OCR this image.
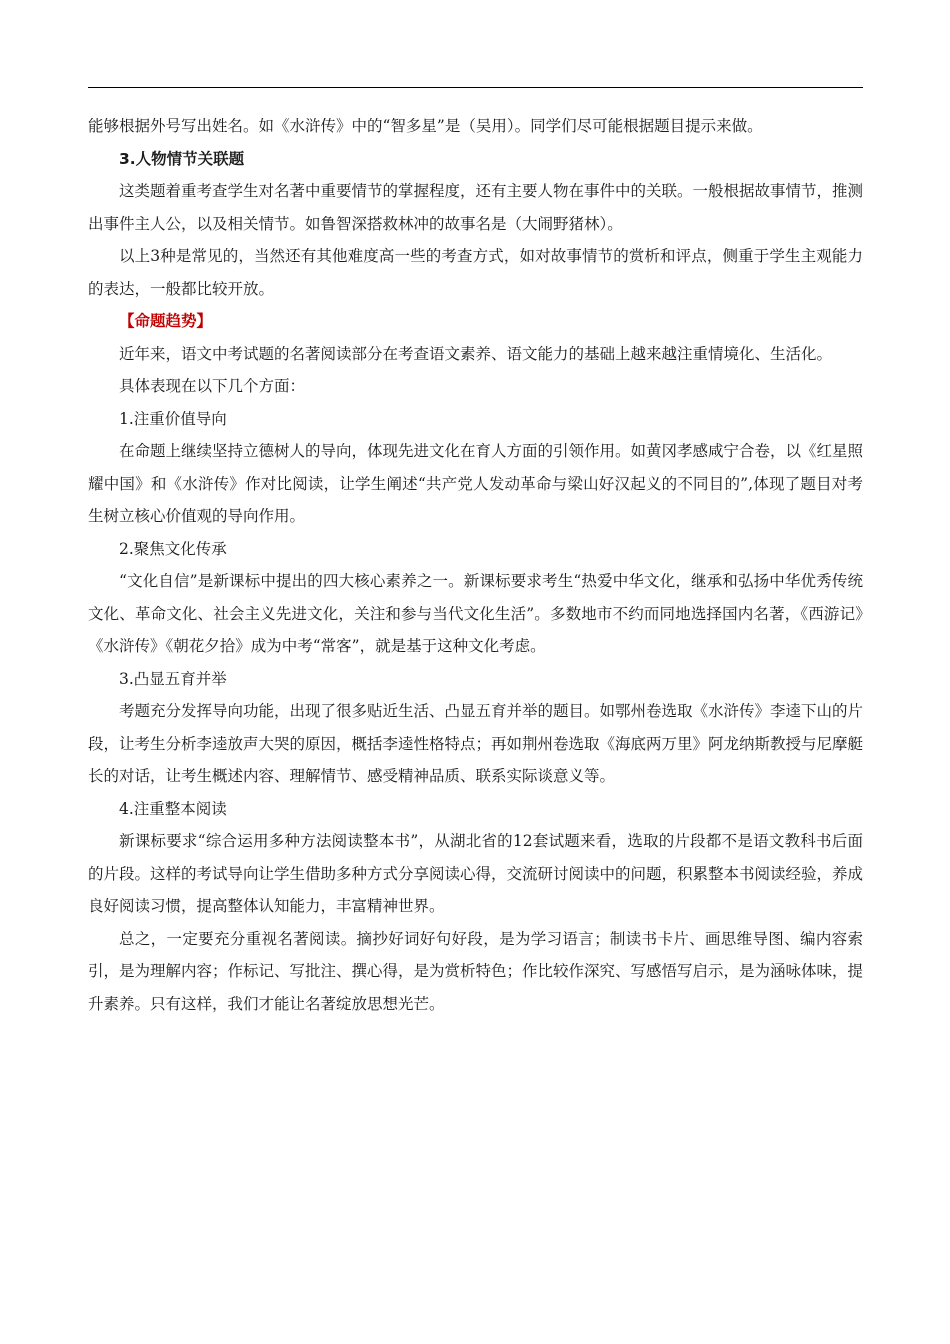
能够根据外号写出姓名。如《水浒传》中的“智多星”是（吴用）。同学们尽可能根据题目提示来做。

3.人物情节关联题

这类题着重考查学生对名著中重要情节的掌握程度，还有主要人物在事件中的关联。一般根据故事情节，推测出事件主人公，以及相关情节。如鲁智深搭救林冲的故事名是（大闹野猪林）。

以上3种是常见的，当然还有其他难度高一些的考查方式，如对故事情节的赏析和评点，侧重于学生主观能力的表达，一般都比较开放。

【命题趋势】

近年来，语文中考试题的名著阅读部分在考查语文素养、语文能力的基础上越来越注重情境化、生活化。

具体表现在以下几个方面：

1.注重价值导向

在命题上继续坚持立德树人的导向，体现先进文化在育人方面的引领作用。如黄冈孝感咸宁合卷，以《红星照耀中国》和《水浒传》作对比阅读，让学生阐述“共产党人发动革命与梁山好汉起义的不同目的”,体现了题目对考生树立核心价值观的导向作用。

2.聚焦文化传承

“文化自信”是新课标中提出的四大核心素养之一。新课标要求考生“热爱中华文化，继承和弘扬中华优秀传统文化、革命文化、社会主义先进文化，关注和参与当代文化生活”。多数地市不约而同地选择国内名著，《西游记》《水浒传》《朝花夕拾》成为中考“常客”，就是基于这种文化考虑。

3.凸显五育并举

考题充分发挥导向功能，出现了很多贴近生活、凸显五育并举的题目。如鄂州卷选取《水浒传》李逵下山的片段，让考生分析李逵放声大哭的原因，概括李逵性格特点；再如荆州卷选取《海底两万里》阿龙纳斯教授与尼摩艇长的对话，让考生概述内容、理解情节、感受精神品质、联系实际谈意义等。

4.注重整本阅读

新课标要求“综合运用多种方法阅读整本书”，从湖北省的12套试题来看，选取的片段都不是语文教科书后面的片段。这样的考试导向让学生借助多种方式分享阅读心得，交流研讨阅读中的问题，积累整本书阅读经验，养成良好阅读习惯，提高整体认知能力，丰富精神世界。

总之，一定要充分重视名著阅读。摘抄好词好句好段，是为学习语言；制读书卡片、画思维导图、编内容索引，是为理解内容；作标记、写批注、撰心得，是为赏析特色；作比较作深究、写感悟写启示，是为涵咏体味，提升素养。只有这样，我们才能让名著绽放思想光芒。
